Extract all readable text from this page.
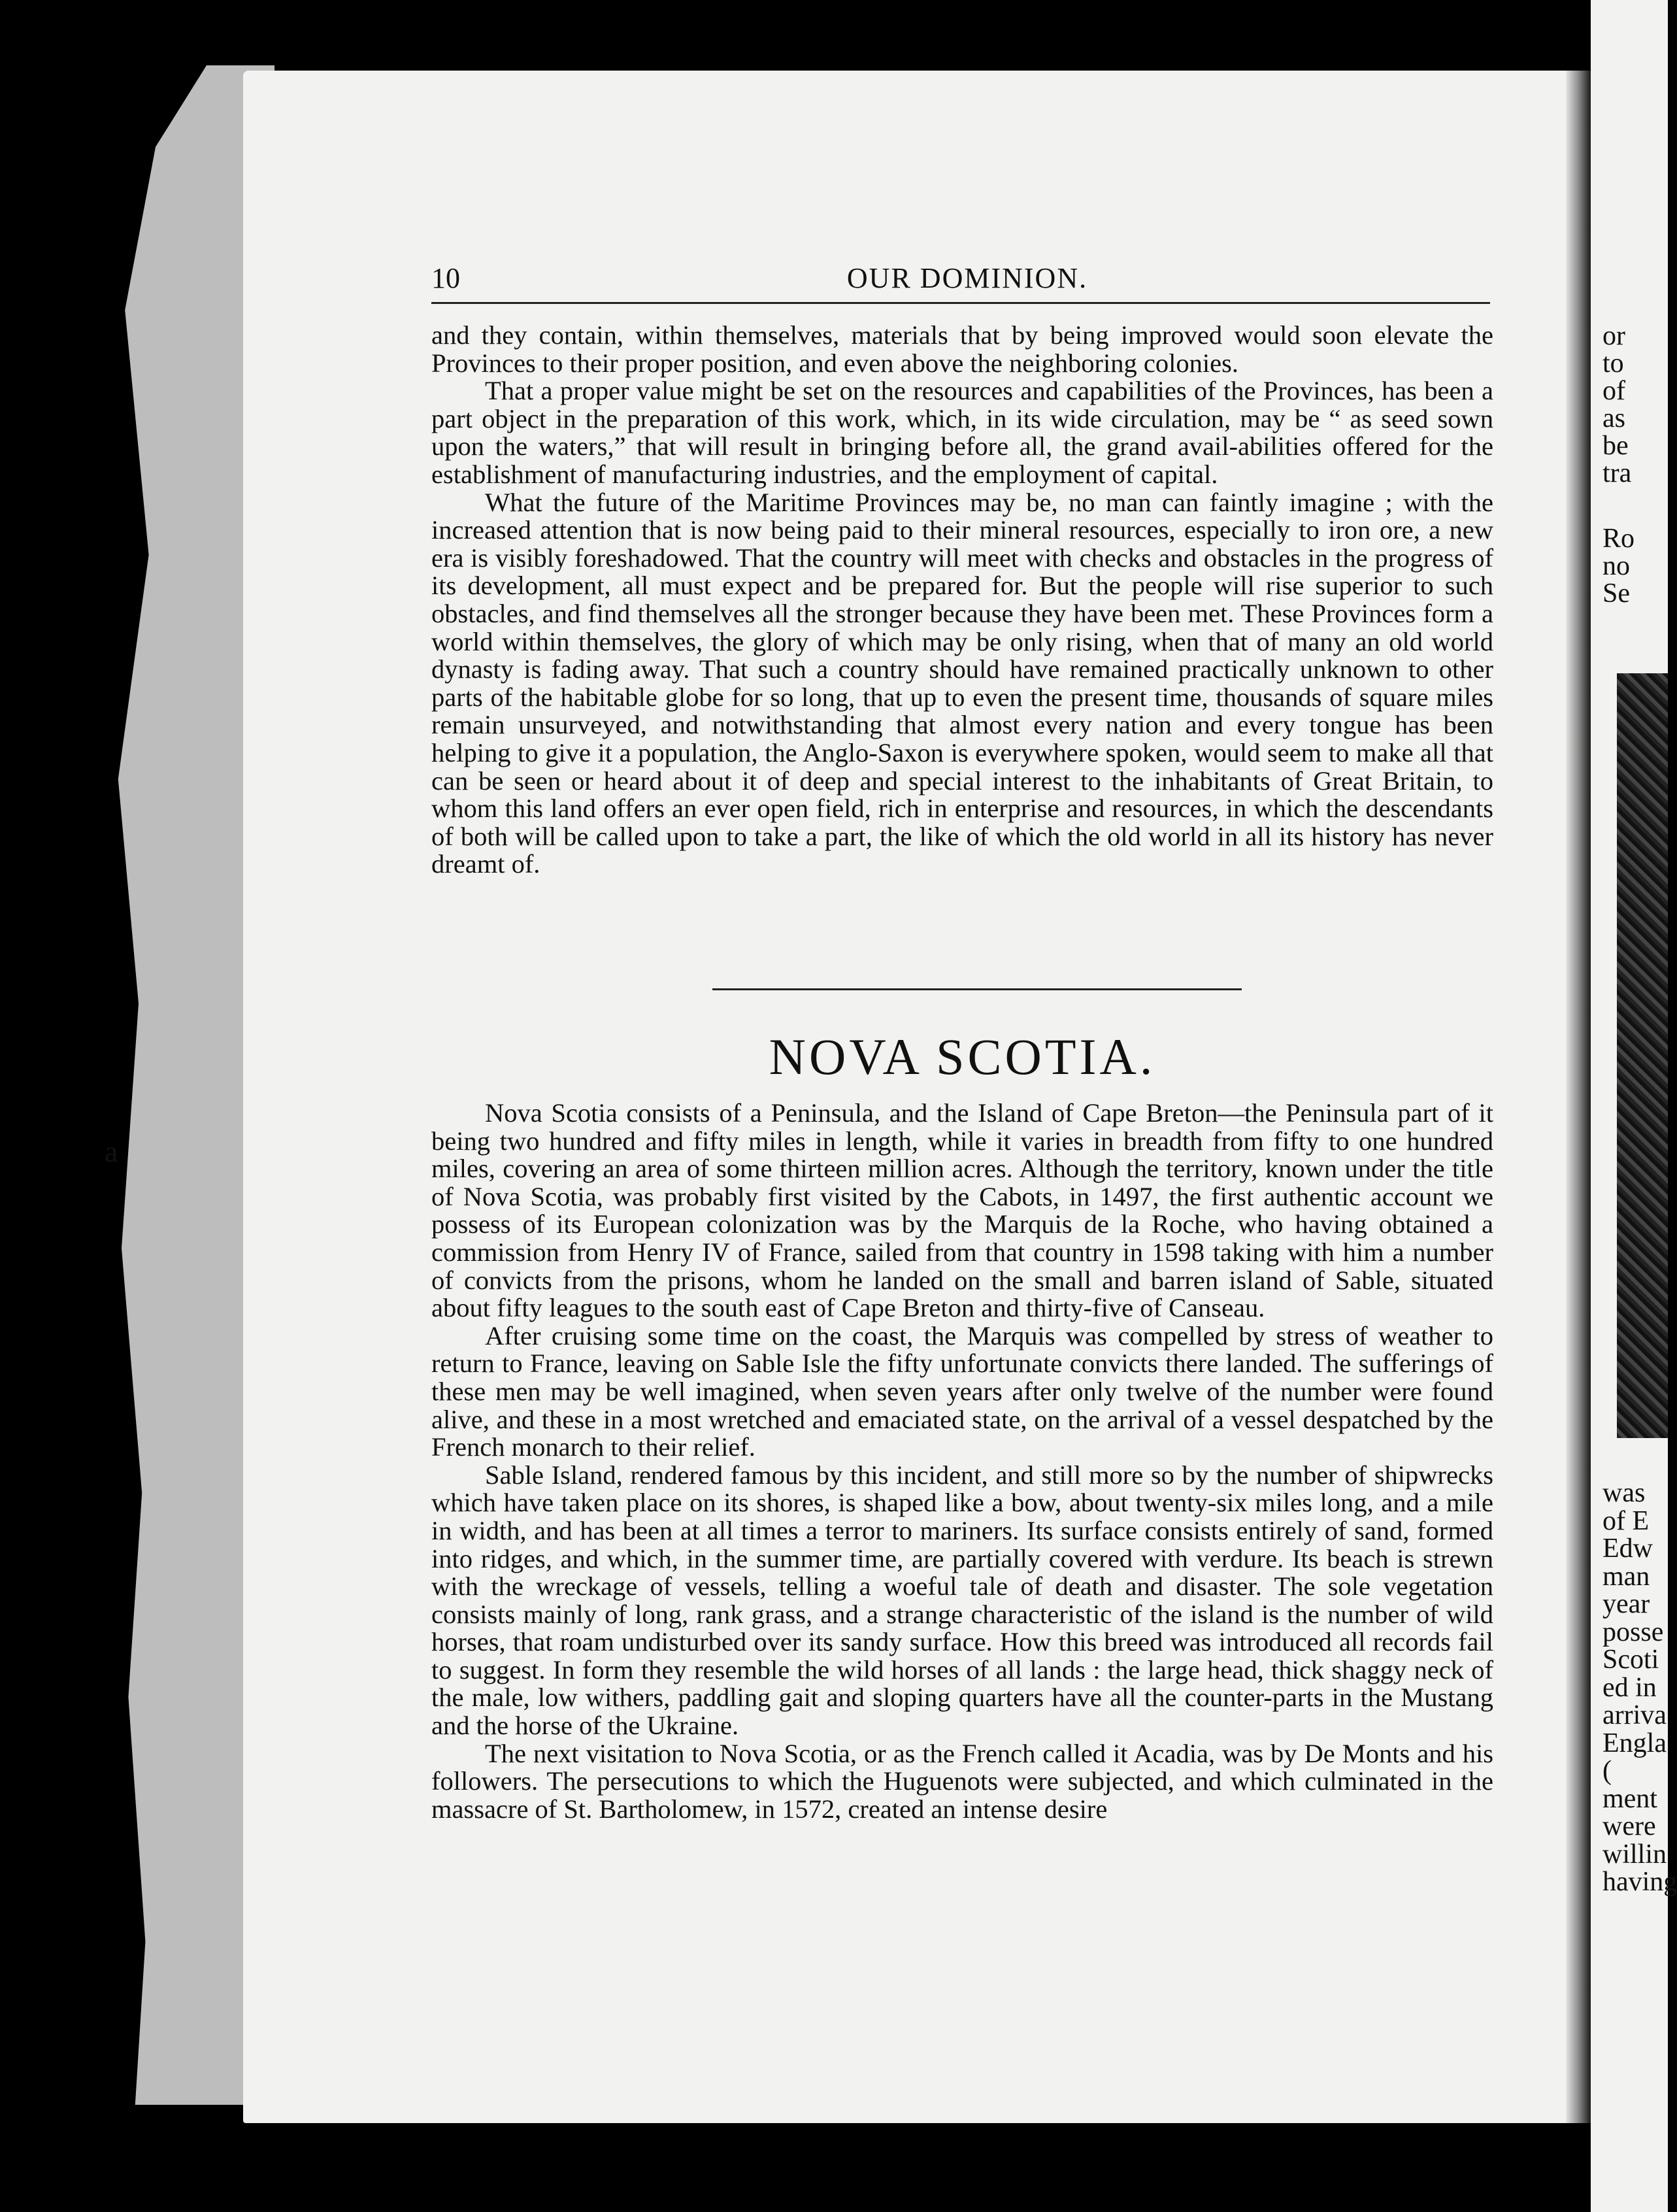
or
to
of
as
be
tra
Ro
no
Se
was
of E
Edw
man
year
posse
Scoti
ed in
arriva
Engla
(
ment
were
willin
having
a
10	OUR DOMINION.

and they contain, within themselves, materials that by being improved would soon elevate the Provinces to their proper position, and even above the neighboring colonies.

That a proper value might be set on the resources and capabilities of the Provinces, has been a part object in the preparation of this work, which, in its wide circulation, may be “ as seed sown upon the waters,” that will result in bringing before all, the grand avail-abilities offered for the establishment of manufacturing industries, and the employment of capital.

What the future of the Maritime Provinces may be, no man can faintly imagine ; with the increased attention that is now being paid to their mineral resources, especially to iron ore, a new era is visibly foreshadowed. That the country will meet with checks and obstacles in the progress of its development, all must expect and be prepared for. But the people will rise superior to such obstacles, and find themselves all the stronger because they have been met. These Provinces form a world within themselves, the glory of which may be only rising, when that of many an old world dynasty is fading away. That such a country should have remained practically unknown to other parts of the habitable globe for so long, that up to even the present time, thousands of square miles remain unsurveyed, and notwithstanding that almost every nation and every tongue has been helping to give it a population, the Anglo-Saxon is everywhere spoken, would seem to make all that can be seen or heard about it of deep and special interest to the inhabitants of Great Britain, to whom this land offers an ever open field, rich in enterprise and resources, in which the descendants of both will be called upon to take a part, the like of which the old world in all its history has never dreamt of.

NOVA SCOTIA.

Nova Scotia consists of a Peninsula, and the Island of Cape Breton—the Peninsula part of it being two hundred and fifty miles in length, while it varies in breadth from fifty to one hundred miles, covering an area of some thirteen million acres. Although the territory, known under the title of Nova Scotia, was probably first visited by the Cabots, in 1497, the first authentic account we possess of its European colonization was by the Marquis de la Roche, who having obtained a commission from Henry IV of France, sailed from that country in 1598 taking with him a number of convicts from the prisons, whom he landed on the small and barren island of Sable, situated about fifty leagues to the south east of Cape Breton and thirty-five of Canseau.

After cruising some time on the coast, the Marquis was compelled by stress of weather to return to France, leaving on Sable Isle the fifty unfortunate convicts there landed. The sufferings of these men may be well imagined, when seven years after only twelve of the number were found alive, and these in a most wretched and emaciated state, on the arrival of a vessel despatched by the French monarch to their relief.

Sable Island, rendered famous by this incident, and still more so by the number of shipwrecks which have taken place on its shores, is shaped like a bow, about twenty-six miles long, and a mile in width, and has been at all times a terror to mariners. Its surface consists entirely of sand, formed into ridges, and which, in the summer time, are partially covered with verdure. Its beach is strewn with the wreckage of vessels, telling a woeful tale of death and disaster. The sole vegetation consists mainly of long, rank grass, and a strange characteristic of the island is the number of wild horses, that roam undisturbed over its sandy surface. How this breed was introduced all records fail to suggest. In form they resemble the wild horses of all lands : the large head, thick shaggy neck of the male, low withers, paddling gait and sloping quarters have all the counter-parts in the Mustang and the horse of the Ukraine.

The next visitation to Nova Scotia, or as the French called it Acadia, was by De Monts and his followers. The persecutions to which the Huguenots were subjected, and which culminated in the massacre of St. Bartholomew, in 1572, created an intense desire
